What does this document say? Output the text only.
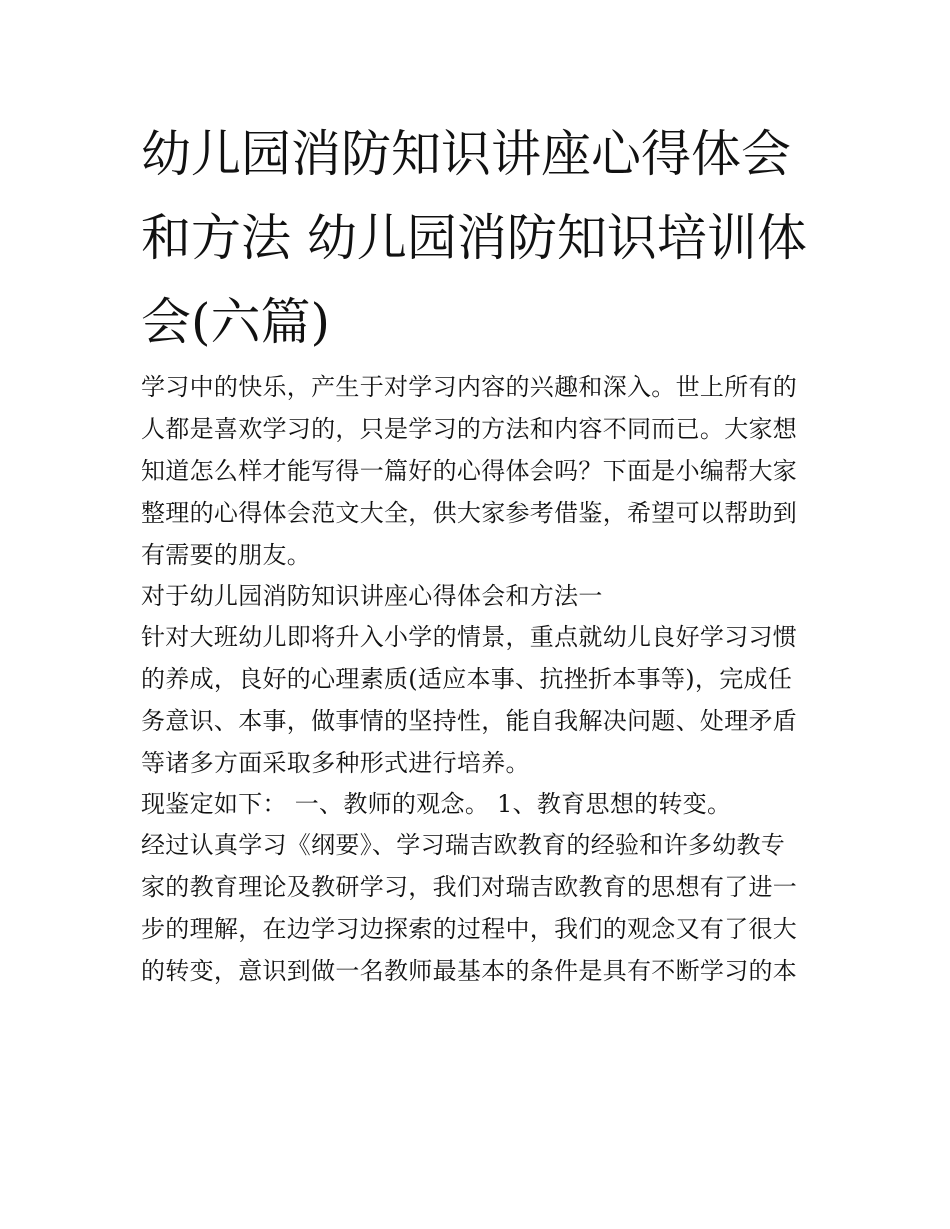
幼儿园消防知识讲座心得体会
和方法 幼儿园消防知识培训体
会(六篇)
学习中的快乐，产生于对学习内容的兴趣和深入。世上所有的
人都是喜欢学习的，只是学习的方法和内容不同而已。大家想
知道怎么样才能写得一篇好的心得体会吗？下面是小编帮大家
整理的心得体会范文大全，供大家参考借鉴，希望可以帮助到
有需要的朋友。
对于幼儿园消防知识讲座心得体会和方法一
针对大班幼儿即将升入小学的情景，重点就幼儿良好学习习惯
的养成，良好的心理素质(适应本事、抗挫折本事等)，完成任
务意识、本事，做事情的坚持性，能自我解决问题、处理矛盾
等诸多方面采取多种形式进行培养。
现鉴定如下： 一、教师的观念。 1、教育思想的转变。
经过认真学习《纲要》、学习瑞吉欧教育的经验和许多幼教专
家的教育理论及教研学习，我们对瑞吉欧教育的思想有了进一
步的理解，在边学习边探索的过程中，我们的观念又有了很大
的转变，意识到做一名教师最基本的条件是具有不断学习的本
